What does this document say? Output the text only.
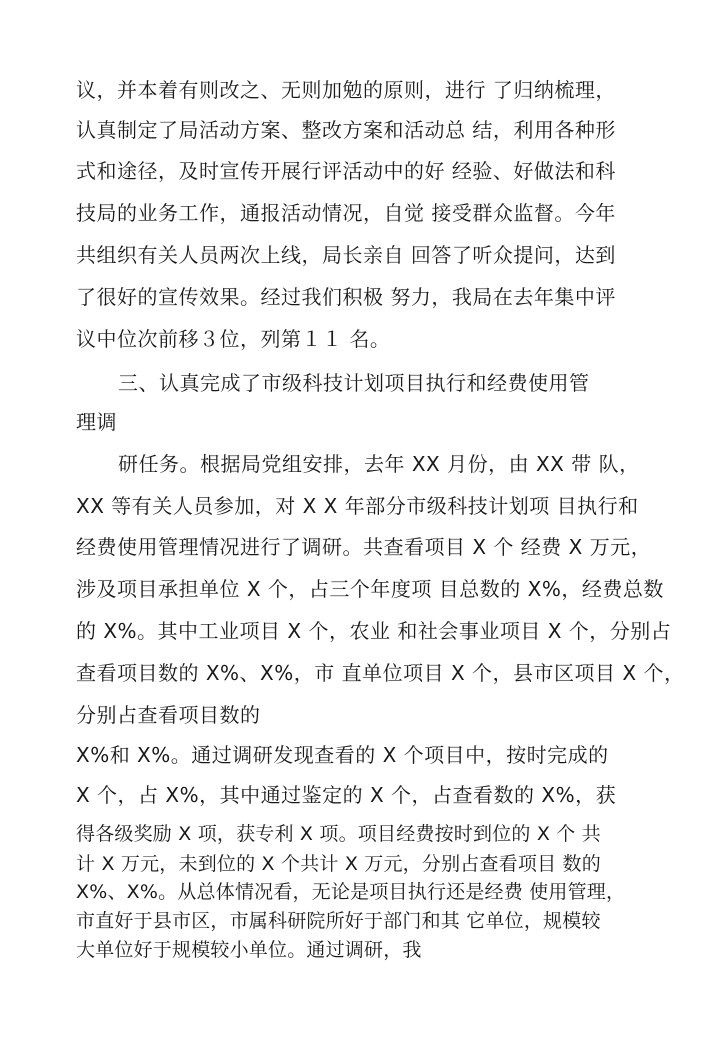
议，并本着有则改之、无则加勉的原则，进行 了归纳梳理，
认真制定了局活动方案、整改方案和活动总 结，利用各种形
式和途径，及时宣传开展行评活动中的好 经验、好做法和科
技局的业务工作，通报活动情况，自觉 接受群众监督。今年
共组织有关人员两次上线，局长亲自 回答了听众提问，达到
了很好的宣传效果。经过我们积极 努力，我局在去年集中评
议中位次前移３位，列第１１ 名。
三、认真完成了市级科技计划项目执行和经费使用管
理调
研任务。根据局党组安排，去年 XX 月份，由 XX 带 队，
XX 等有关人员参加，对 X X 年部分市级科技计划项 目执行和
经费使用管理情况进行了调研。共查看项目 X 个 经费 X 万元，
涉及项目承担单位 X 个，占三个年度项 目总数的 X%，经费总数
的 X%。其中工业项目 X 个，农业 和社会事业项目 X 个，分别占
查看项目数的 X%、X%，市 直单位项目 X 个，县市区项目 X 个，
分别占查看项目数的
X%和 X%。通过调研发现查看的 X 个项目中，按时完成的
X 个，占 X%，其中通过鉴定的 X 个，占查看数的 X%，获
得各级奖励 X 项，获专利 X 项。项目经费按时到位的 X 个 共
计 X 万元，未到位的 X 个共计 X 万元，分别占查看项目 数的
X%、X%。从总体情况看，无论是项目执行还是经费 使用管理，
市直好于县市区，市属科研院所好于部门和其 它单位，规模较
大单位好于规模较小单位。通过调研，我
